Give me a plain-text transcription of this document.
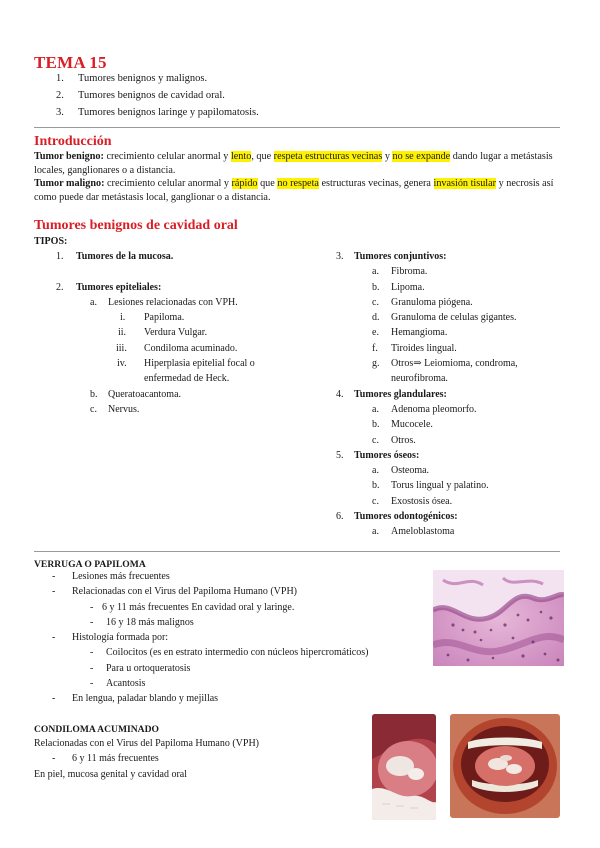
TEMA 15
1.	Tumores benignos y malignos.
2.	Tumores benignos de cavidad oral.
3.	Tumores benignos laringe y papilomatosis.
Introducción
Tumor benigno: crecimiento celular anormal y lento, que respeta estructuras vecinas y no se expande dando lugar a metástasis locales, ganglionares o a distancia.
Tumor maligno: crecimiento celular anormal y rápido que no respeta estructuras vecinas, genera invasión tisular y necrosis así como puede dar metástasis local, ganglionar o a distancia.
Tumores benignos de cavidad oral
TIPOS:
1. Tumores de la mucosa.
2. Tumores epiteliales:
a. Lesiones relacionadas con VPH.
i. Papiloma.
ii. Verdura Vulgar.
iii. Condiloma acuminado.
iv. Hiperplasia epitelial focal o
enfermedad de Heck.
b. Queratoacantoma.
c. Nervus.
3. Tumores conjuntivos:
a. Fibroma.
b. Lipoma.
c. Granuloma piógena.
d. Granuloma de celulas gigantes.
e. Hemangioma.
f. Tiroides lingual.
g. Otros⇒ Leiomioma, condroma,
neurofibroma.
4. Tumores glandulares:
a. Adenoma pleomorfo.
b. Mucocele.
c. Otros.
5. Tumores óseos:
a. Osteoma.
b. Torus lingual y palatino.
c. Exostosis ósea.
6. Tumores odontogénicos:
a. Ameloblastoma
VERRUGA O PAPILOMA
- Lesiones más frecuentes
- Relacionadas con el Virus del Papiloma Humano (VPH)
- 6 y 11 más frecuentes En cavidad oral y laringe.
- 16 y 18 más malignos
- Histología formada por:
- Coilocitos (es en estrato intermedio con núcleos hipercromáticos)
- Para u ortoqueratosis
- Acantosis
- En lengua, paladar blando y mejillas
CONDILOMA ACUMINADO
Relacionadas con el Virus del Papiloma Humano (VPH)
- 6 y 11 más frecuentes
En piel, mucosa genital y cavidad oral
